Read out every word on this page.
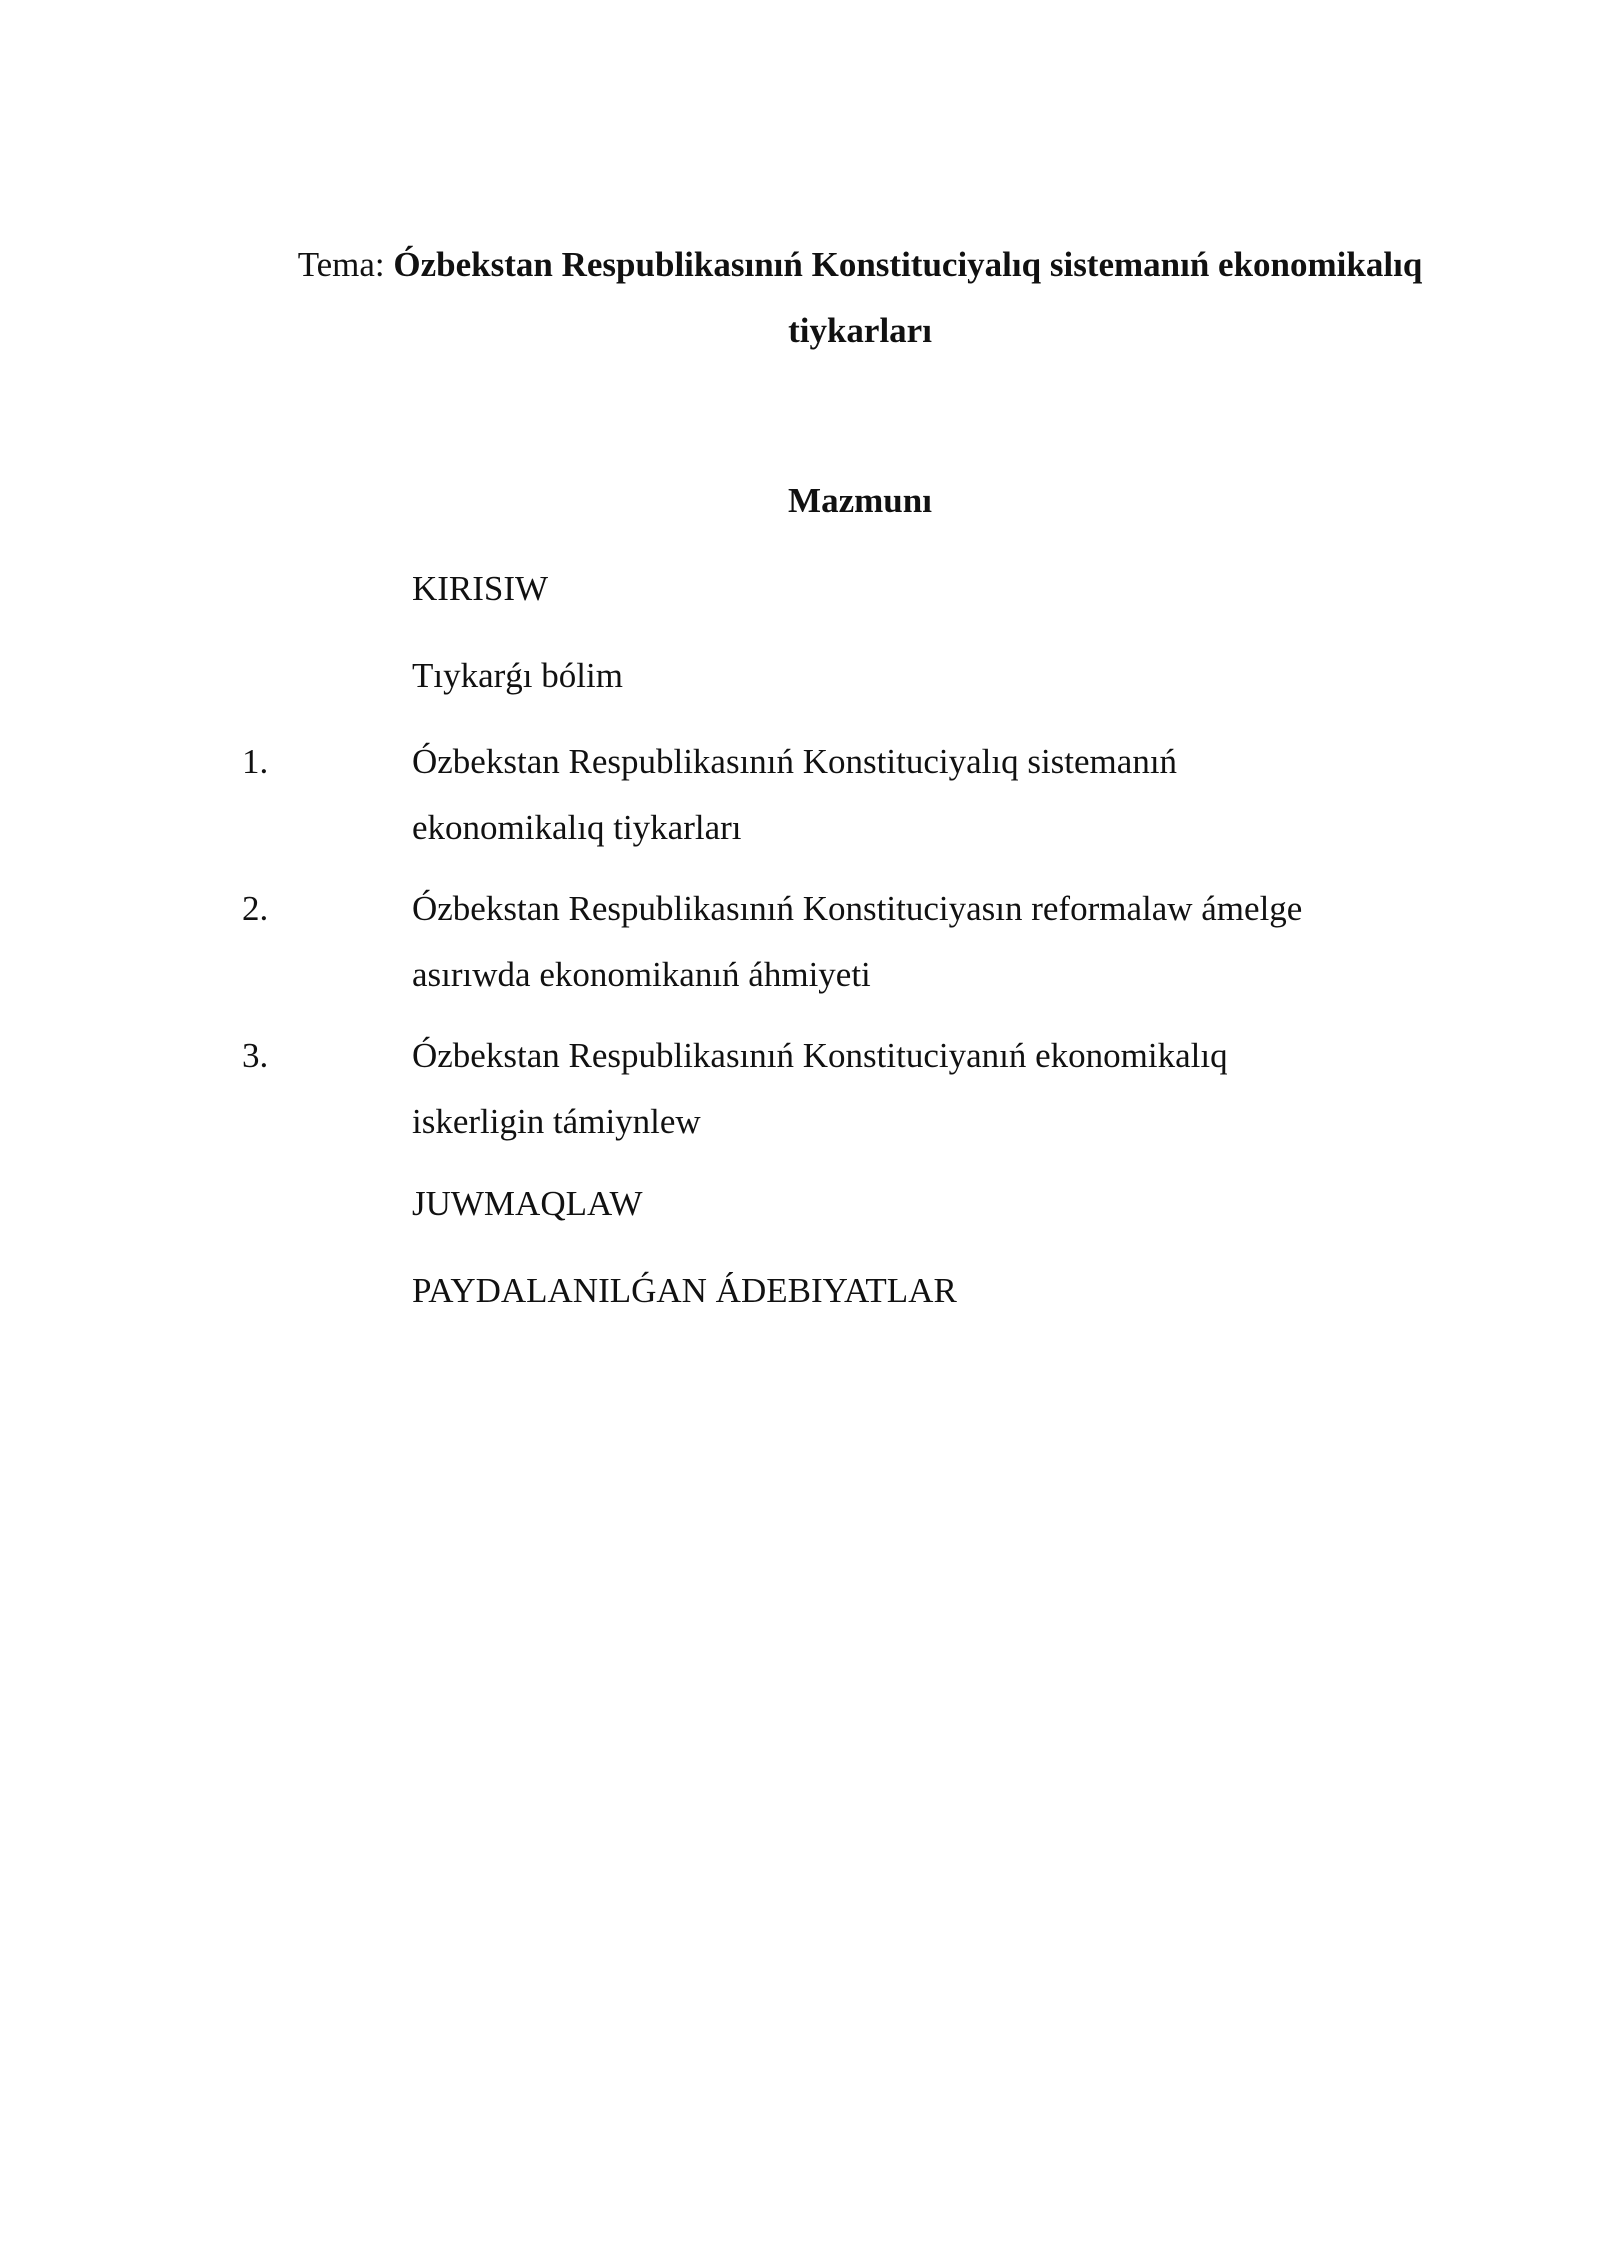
Tema: Ózbekstan Respublikasınıń Konstituciyalıq sistemanıń ekonomikalıq tiykarları
Mazmunı
KIRISIW
Tıykarǵı bólim
1.	Ózbekstan Respublikasınıń Konstituciyalıq sistemanıń
ekonomikalıq tiykarları
2.	Ózbekstan Respublikasınıń Konstituciyasın reformalaw ámelge
asırıwda ekonomikanıń áhmiyeti
3.	Ózbekstan Respublikasınıń Konstituciyanıń ekonomikalıq
iskerligin támiynlew
JUWMAQLAW
PAYDALANILǴAN ÁDEBIYATLAR
